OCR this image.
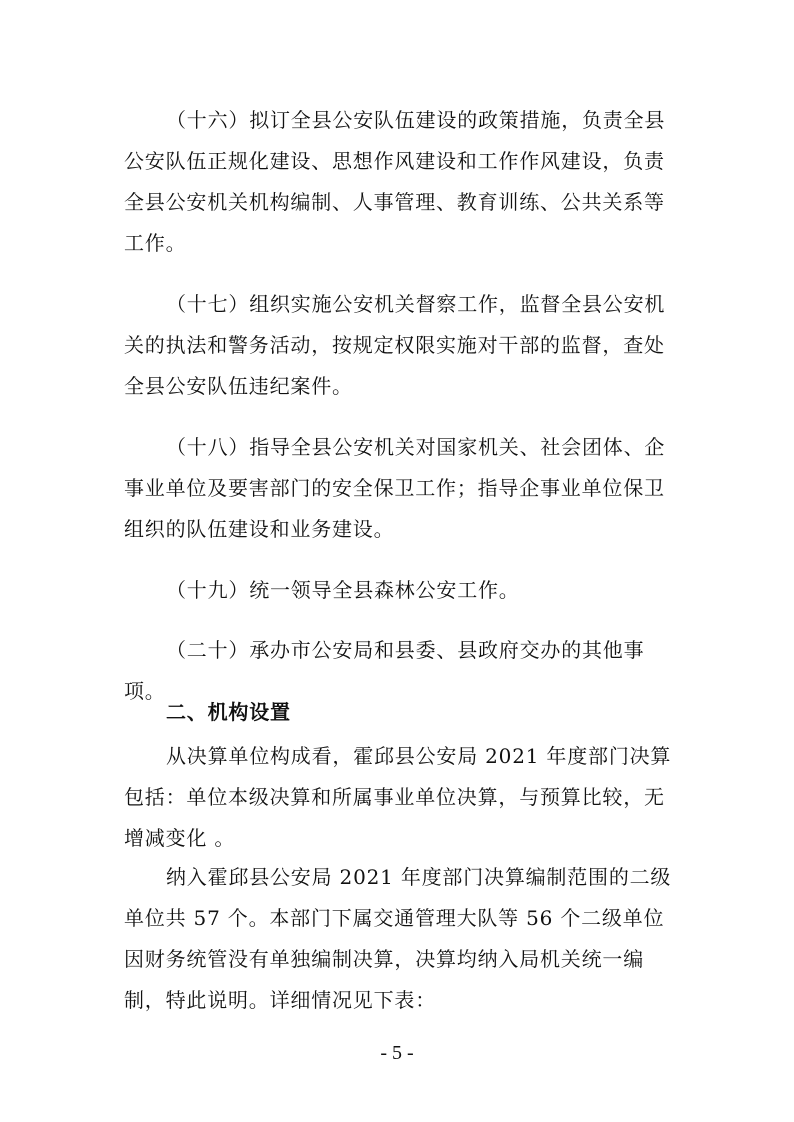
（十六）拟订全县公安队伍建设的政策措施，负责全县公安队伍正规化建设、思想作风建设和工作作风建设，负责全县公安机关机构编制、人事管理、教育训练、公共关系等工作。

（十七）组织实施公安机关督察工作，监督全县公安机关的执法和警务活动，按规定权限实施对干部的监督，查处全县公安队伍违纪案件。

（十八）指导全县公安机关对国家机关、社会团体、企事业单位及要害部门的安全保卫工作；指导企事业单位保卫组织的队伍建设和业务建设。

（十九）统一领导全县森林公安工作。

（二十）承办市公安局和县委、县政府交办的其他事项。

二、机构设置

从决算单位构成看，霍邱县公安局 2021 年度部门决算包括：单位本级决算和所属事业单位决算，与预算比较，无增减变化 。

纳入霍邱县公安局 2021 年度部门决算编制范围的二级单位共 57 个。本部门下属交通管理大队等 56 个二级单位因财务统管没有单独编制决算，决算均纳入局机关统一编制，特此说明。详细情况见下表：

- 5 -
